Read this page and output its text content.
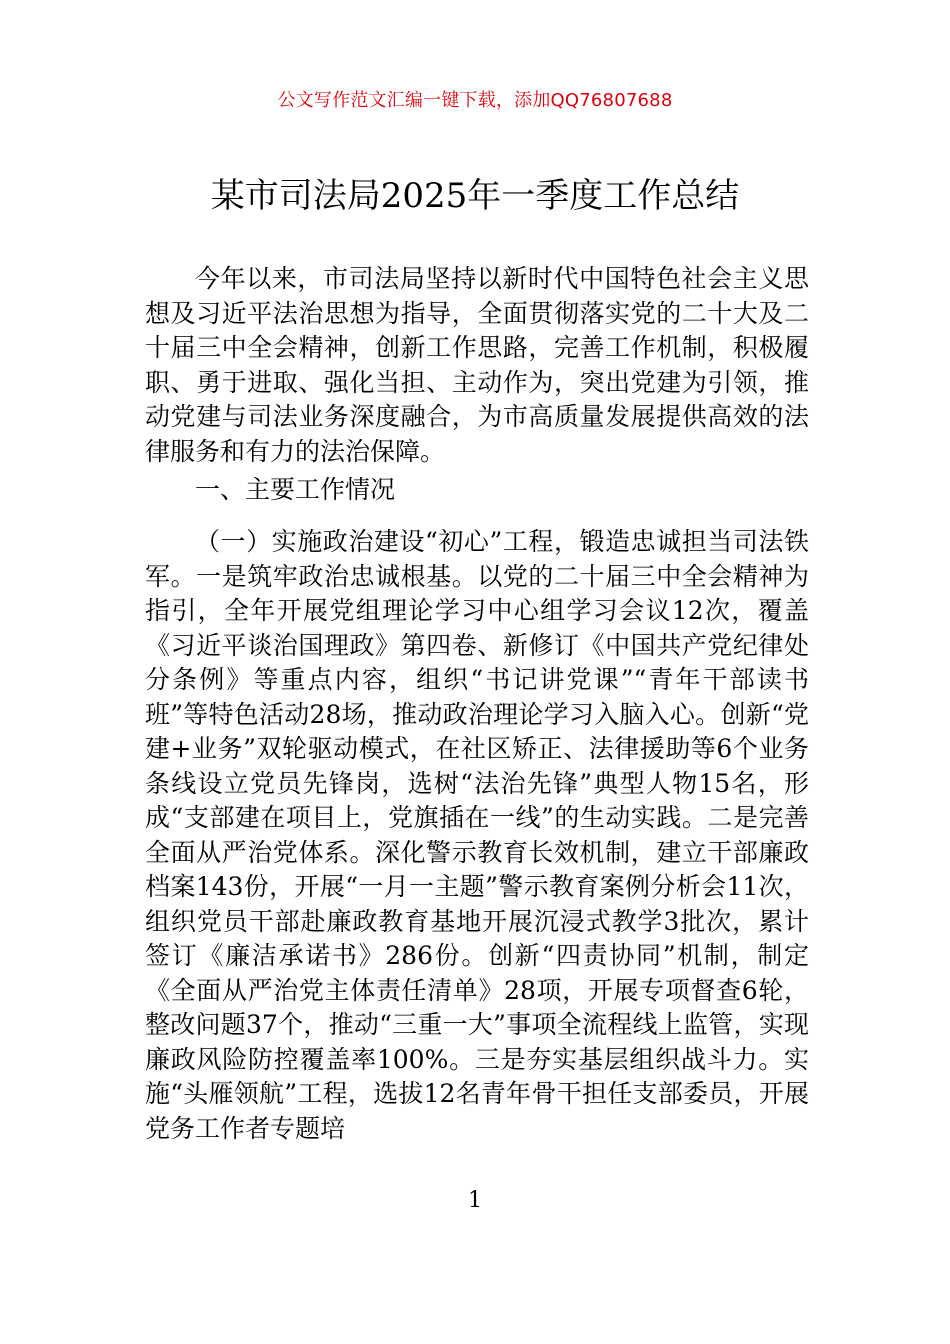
公文写作范文汇编一键下载，添加QQ76807688
某市司法局2025年一季度工作总结

今年以来，市司法局坚持以新时代中国特色社会主义思想及习近平法治思想为指导，全面贯彻落实党的二十大及二十届三中全会精神，创新工作思路，完善工作机制，积极履职、勇于进取、强化当担、主动作为，突出党建为引领，推动党建与司法业务深度融合，为市高质量发展提供高效的法律服务和有力的法治保障。

一、主要工作情况

（一）实施政治建设“初心”工程，锻造忠诚担当司法铁军。一是筑牢政治忠诚根基。以党的二十届三中全会精神为指引，全年开展党组理论学习中心组学习会议12次，覆盖《习近平谈治国理政》第四卷、新修订《中国共产党纪律处分条例》等重点内容，组织“书记讲党课”“青年干部读书班”等特色活动28场，推动政治理论学习入脑入心。创新“党建+业务”双轮驱动模式，在社区矫正、法律援助等6个业务条线设立党员先锋岗，选树“法治先锋”典型人物15名，形成“支部建在项目上，党旗插在一线”的生动实践。二是完善全面从严治党体系。深化警示教育长效机制，建立干部廉政档案143份，开展“一月一主题”警示教育案例分析会11次，组织党员干部赴廉政教育基地开展沉浸式教学3批次，累计签订《廉洁承诺书》286份。创新“四责协同”机制，制定《全面从严治党主体责任清单》28项，开展专项督查6轮，整改问题37个，推动“三重一大”事项全流程线上监管，实现廉政风险防控覆盖率100%。三是夯实基层组织战斗力。实施“头雁领航”工程，选拔12名青年骨干担任支部委员，开展党务工作者专题培

1
